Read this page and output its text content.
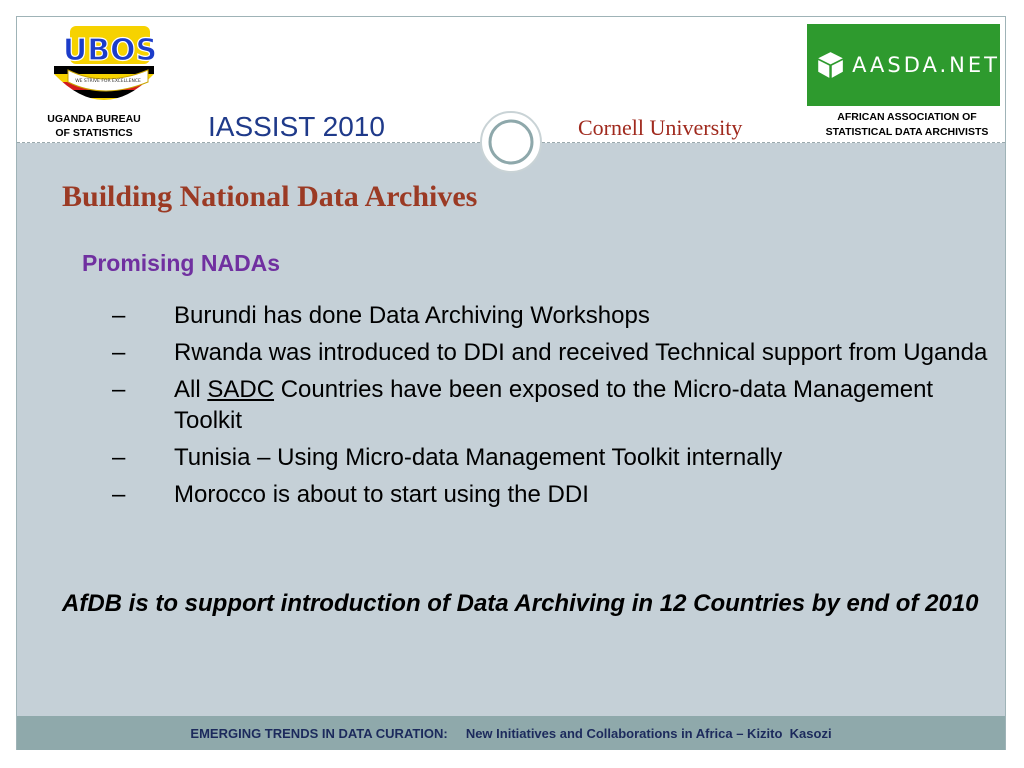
UBOS
WE STRIVE FOR EXCELLENCE
UGANDA BUREAU
OF STATISTICS	IASSIST 2010	Cornell University
AASDA.NET
AFRICAN ASSOCIATION OF
STATISTICAL DATA ARCHIVISTS
Building National Data Archives
Promising NADAs
– Burundi has done Data Archiving Workshops
– Rwanda was introduced to DDI and received Technical support from Uganda
– All SADC Countries have been exposed to the Micro-data Management Toolkit
– Tunisia – Using Micro-data Management Toolkit internally
– Morocco is about to start using the DDI
AfDB is to support introduction of Data Archiving in 12 Countries by end of 2010
EMERGING TRENDS IN DATA CURATION:
New Initiatives and Collaborations in Africa – Kizito  Kasozi
